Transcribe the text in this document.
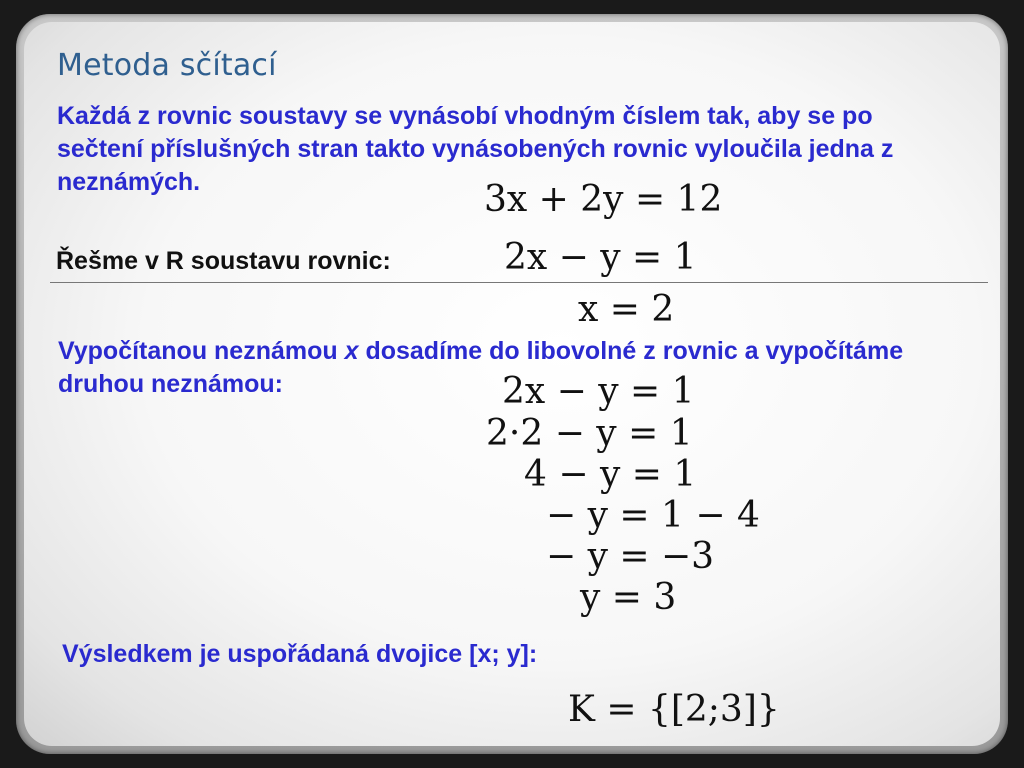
Metoda sčítací
Každá z rovnic soustavy se vynásobí vhodným číslem tak, aby se po sečtení příslušných stran takto vynásobených rovnic vyloučila jedna z neznámých.
Řešme v R soustavu rovnic:
3x + 2y = 12
2x − y = 1
x = 2
Vypočítanou neznámou x dosadíme do libovolné z rovnic a vypočítáme druhou neznámou:	2x − y = 1
2·2 − y = 1
4 − y = 1
− y = 1 − 4
− y = −3
y = 3
Výsledkem je uspořádaná dvojice [x; y]:
K = {[2;3]}
